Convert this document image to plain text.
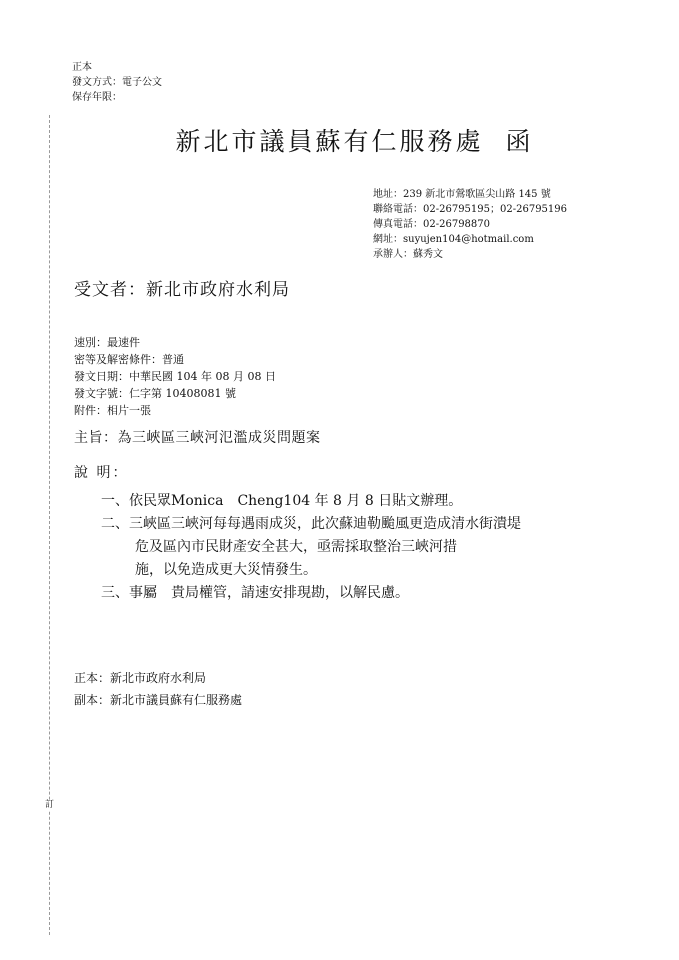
正本
發文方式：電子公文
保存年限：
訂
新北市議員蘇有仁服務處 函
地址：239 新北市鶯歌區尖山路 145 號
聯絡電話：02-26795195；02-26795196
傳真電話：02-26798870
網址：suyujen104@hotmail.com
承辦人：蘇秀文
受文者：新北市政府水利局
速別：最速件
密等及解密條件：普通
發文日期：中華民國 104 年 08 月 08 日
發文字號：仁字第 10408081 號
附件：相片一張
主旨：為三峽區三峽河氾濫成災問題案
說 明：
一、依民眾Monica　Cheng104 年 8 月 8 日貼文辦理。
二、三峽區三峽河每每遇雨成災，此次蘇迪勒颱風更造成清水街潰堤
危及區內市民財產安全甚大，亟需採取整治三峽河措
施，以免造成更大災情發生。
三、事屬　貴局權管，請速安排現勘，以解民慮。
正本：新北市政府水利局
副本：新北市議員蘇有仁服務處
